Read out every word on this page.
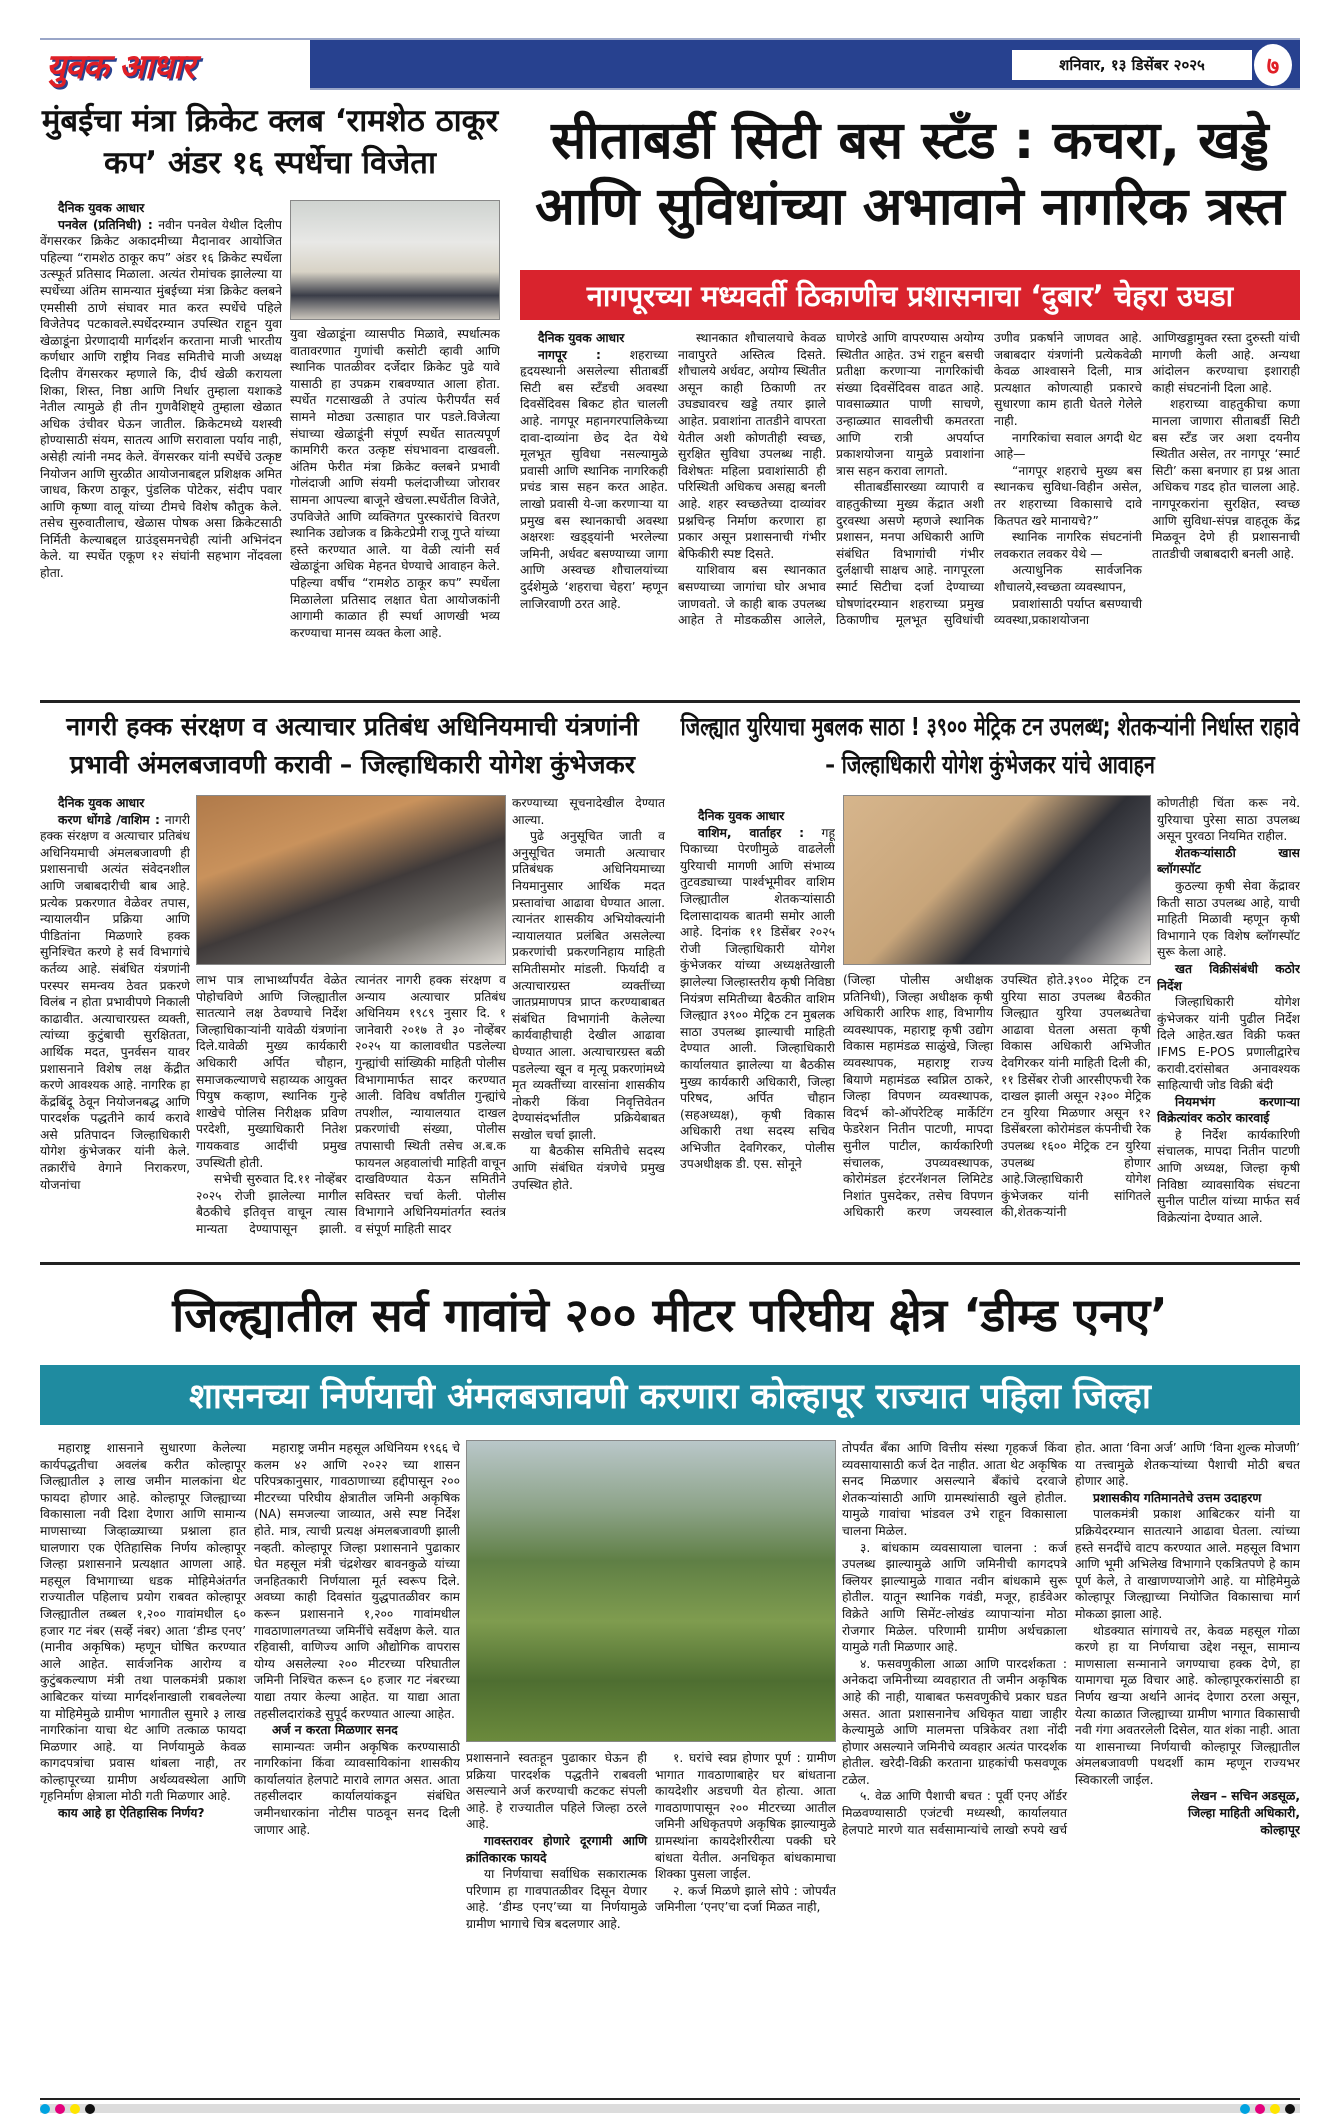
युवक आधार	शनिवार, १३ डिसेंबर २०२५	७
मुंबईचा मंत्रा क्रिकेट क्लब ‘रामशेठ ठाकूर कप’ अंडर १६ स्पर्धेचा विजेता

दैनिक युवक आधार

पनवेल (प्रतिनिधी) : नवीन पनवेल येथील दिलीप वेंगसरकर क्रिकेट अकादमीच्या मैदानावर आयोजित पहिल्या “रामशेठ ठाकूर कप” अंडर १६ क्रिकेट स्पर्धेला उत्स्फूर्त प्रतिसाद मिळाला. अत्यंत रोमांचक झालेल्या या स्पर्धेच्या अंतिम सामन्यात मुंबईच्या मंत्रा क्रिकेट क्लबने एमसीसी ठाणे संघावर मात करत स्पर्धेचे पहिले विजेतेपद पटकावले.स्पर्धेदरम्यान उपस्थित राहून युवा खेळाडूंना प्रेरणादायी मार्गदर्शन करताना माजी भारतीय कर्णधार आणि राष्ट्रीय निवड समितीचे माजी अध्यक्ष दिलीप वेंगसरकर म्हणाले कि, दीर्घ खेळी करायला शिका, शिस्त, निष्ठा आणि निर्धार तुम्हाला यशाकडे नेतील त्यामुळे ही तीन गुणवैशिष्ट्ये तुम्हाला खेळात अधिक उंचीवर घेऊन जातील. क्रिकेटमध्ये यशस्वी होण्यासाठी संयम, सातत्य आणि सरावाला पर्याय नाही, असेही त्यांनी नमद केले. वेंगसरकर यांनी स्पर्धेचे उत्कृष्ट नियोजन आणि सुरळीत आयोजनाबद्दल प्रशिक्षक अमित जाधव, किरण ठाकूर, पुंडलिक पोटेकर, संदीप पवार आणि कृष्णा वालू यांच्या टीमचे विशेष कौतुक केले. तसेच सुरुवातीलाच, खेळास पोषक असा क्रिकेटसाठी निर्मिती केल्याबद्दल ग्राउंड्समनचेही त्यांनी अभिनंदन केले. या स्पर्धेत एकूण १२ संघांनी सहभाग नोंदवला होता.

युवा खेळाडूंना व्यासपीठ मिळावे, स्पर्धात्मक वातावरणात गुणांची कसोटी व्हावी आणि स्थानिक पातळीवर दर्जेदार क्रिकेट पुढे यावे यासाठी हा उपक्रम राबवण्यात आला होता. स्पर्धेत गटसाखळी ते उपांत्य फेरीपर्यंत सर्व सामने मोठ्या उत्साहात पार पडले.विजेत्या संघाच्या खेळाडूंनी संपूर्ण स्पर्धेत सातत्यपूर्ण कामगिरी करत उत्कृष्ट संघभावना दाखवली. अंतिम फेरीत मंत्रा क्रिकेट क्लबने प्रभावी गोलंदाजी आणि संयमी फलंदाजीच्या जोरावर सामना आपल्या बाजूने खेचला.स्पर्धेतील विजेते, उपविजेते आणि व्यक्तिगत पुरस्कारांचे वितरण स्थानिक उद्योजक व क्रिकेटप्रेमी राजू गुप्ते यांच्या हस्ते करण्यात आले. या वेळी त्यांनी सर्व खेळाडूंना अधिक मेहनत घेण्याचे आवाहन केले. पहिल्या वर्षीच “रामशेठ ठाकूर कप” स्पर्धेला मिळालेला प्रतिसाद लक्षात घेता आयोजकांनी आगामी काळात ही स्पर्धा आणखी भव्य करण्याचा मानस व्यक्त केला आहे.

सीताबर्डी सिटी बस स्टँड : कचरा, खड्डे आणि सुविधांच्या अभावाने नागरिक त्रस्त
नागपूरच्या मध्यवर्ती ठिकाणीच प्रशासनाचा ‘दुबार’ चेहरा उघडा

दैनिक युवक आधार

नागपूर : शहराच्या हृदयस्थानी असलेल्या सीताबर्डी सिटी बस स्टँडची अवस्था दिवसेंदिवस बिकट होत चालली आहे. नागपूर महानगरपालिकेच्या दावा-दाव्यांना छेद देत येथे मूलभूत सुविधा नसल्यामुळे प्रवासी आणि स्थानिक नागरिकही प्रचंड त्रास सहन करत आहेत. लाखो प्रवासी ये-जा करणाऱ्या या प्रमुख बस स्थानकाची अवस्था अक्षरशः खड्ड्यांनी भरलेल्या जमिनी, अर्धवट बसण्याच्या जागा आणि अस्वच्छ शौचालयांच्या दुर्दशेमुळे ‘शहराचा चेहरा’ म्हणून लाजिरवाणी ठरत आहे.

स्थानकात शौचालयाचे केवळ नावापुरते अस्तित्व दिसते. शौचालये अर्धवट, अयोग्य स्थितीत असून काही ठिकाणी तर उघड्यावरच खड्डे तयार झाले आहेत. प्रवाशांना तातडीने वापरता येतील अशी कोणतीही स्वच्छ, सुरक्षित सुविधा उपलब्ध नाही. विशेषतः महिला प्रवाशांसाठी ही परिस्थिती अधिकच असह्य बनली आहे. शहर स्वच्छतेच्या दाव्यांवर प्रश्नचिन्ह निर्माण करणारा हा प्रकार असून प्रशासनाची गंभीर बेफिकीरी स्पष्ट दिसते.

याशिवाय बस स्थानकात बसण्याच्या जागांचा घोर अभाव जाणवतो. जे काही बाक उपलब्ध आहेत ते मोडकळीस आलेले, घाणेरडे आणि वापरण्यास अयोग्य स्थितीत आहेत. उभं राहून बसची प्रतीक्षा करणाऱ्या नागरिकांची संख्या दिवसेंदिवस वाढत आहे. पावसाळ्यात पाणी साचणे, उन्हाळ्यात सावलीची कमतरता आणि रात्री अपर्याप्त प्रकाशयोजना यामुळे प्रवाशांना त्रास सहन करावा लागतो.

सीताबर्डीसारख्या व्यापारी व वाहतुकीच्या मुख्य केंद्रात अशी दुरवस्था असणे म्हणजे स्थानिक प्रशासन, मनपा अधिकारी आणि संबंधित विभागांची गंभीर दुर्लक्षाची साक्षच आहे. नागपूरला स्मार्ट सिटीचा दर्जा देण्याच्या घोषणांदरम्यान शहराच्या प्रमुख ठिकाणीच मूलभूत सुविधांची उणीव प्रकर्षाने जाणवत आहे. जबाबदार यंत्रणांनी प्रत्येकवेळी केवळ आश्वासने दिली, मात्र प्रत्यक्षात कोणत्याही प्रकारचे सुधारणा काम हाती घेतले गेलेले नाही.

नागरिकांचा सवाल अगदी थेट आहे—

“नागपूर शहराचे मुख्य बस स्थानकच सुविधा-विहीन असेल, तर शहराच्या विकासाचे दावे कितपत खरे मानायचे?”

स्थानिक नागरिक संघटनांनी लवकरात लवकर येथे —

अत्याधुनिक सार्वजनिक शौचालये,स्वच्छता व्यवस्थापन,

प्रवाशांसाठी पर्याप्त बसण्याची व्यवस्था,प्रकाशयोजना आणिखड्डामुक्त रस्ता दुरुस्ती यांची मागणी केली आहे. अन्यथा आंदोलन करण्याचा इशाराही काही संघटनांनी दिला आहे.

शहराच्या वाहतुकीचा कणा मानला जाणारा सीताबर्डी सिटी बस स्टँड जर अशा दयनीय स्थितीत असेल, तर नागपूर ‘स्मार्ट सिटी’ कसा बनणार हा प्रश्न आता अधिकच गडद होत चालला आहे. नागपूरकरांना सुरक्षित, स्वच्छ आणि सुविधा-संपन्न वाहतूक केंद्र मिळवून देणे ही प्रशासनाची तातडीची जबाबदारी बनली आहे.

नागरी हक्क संरक्षण व अत्याचार प्रतिबंध अधिनियमाची यंत्रणांनी प्रभावी अंमलबजावणी करावी – जिल्हाधिकारी योगेश कुंभेजकर

दैनिक युवक आधार

करण धोंगडे /वाशिम : नागरी हक्क संरक्षण व अत्याचार प्रतिबंध अधिनियमाची अंमलबजावणी ही प्रशासनाची अत्यंत संवेदनशील आणि जबाबदारीची बाब आहे. प्रत्येक प्रकरणात वेळेवर तपास, न्यायालयीन प्रक्रिया आणि पीडितांना मिळणारे हक्क सुनिश्चित करणे हे सर्व विभागांचे कर्तव्य आहे. संबंधित यंत्रणांनी परस्पर समन्वय ठेवत प्रकरणे विलंब न होता प्रभावीपणे निकाली काढावीत. अत्याचारग्रस्त व्यक्ती, त्यांच्या कुटुंबाची सुरक्षितता, आर्थिक मदत, पुनर्वसन यावर प्रशासनाने विशेष लक्ष केंद्रीत करणे आवश्यक आहे. नागरिक हा केंद्रबिंदू ठेवून नियोजनबद्ध आणि पारदर्शक पद्धतीने कार्य करावे असे प्रतिपादन जिल्हाधिकारी योगेश कुंभेजकर यांनी केले. तक्रारींचे वेगाने निराकरण, योजनांचा

लाभ पात्र लाभार्थ्यांपर्यंत वेळेत पोहोचविणे आणि जिल्ह्यातील सातत्याने लक्ष ठेवण्याचे निर्देश जिल्हाधिकाऱ्यांनी यावेळी यंत्रणांना दिले.यावेळी मुख्य कार्यकारी अधिकारी अर्पित चौहान, समाजकल्याणचे सहाय्यक आयुक्त पियुष कव्हाण, स्थानिक गुन्हे शाखेचे पोलिस निरीक्षक प्रविण परदेशी, मुख्याधिकारी नितेश गायकवाड आदींची प्रमुख उपस्थिती होती.

सभेची सुरुवात दि.११ नोव्हेंबर २०२५ रोजी झालेल्या मागील बैठकीचे इतिवृत्त वाचून त्यास मान्यता देण्यापासून झाली. त्यानंतर नागरी हक्क संरक्षण व अन्याय अत्याचार प्रतिबंध अधिनियम १९८९ नुसार दि. १ जानेवारी २०१७ ते ३० नोव्हेंबर २०२५ या कालावधीत पडलेल्या गुन्ह्यांची सांख्यिकी माहिती पोलीस विभागामार्फत सादर करण्यात आली. विविध वर्षांतील गुन्ह्यांचे तपशील, न्यायालयात दाखल प्रकरणांची संख्या, पोलीस तपासाची स्थिती तसेच अ.ब.क फायनल अहवालांची माहिती वाचून दाखविण्यात येऊन समितीने सविस्तर चर्चा केली. पोलीस विभागाने अधिनियमांतर्गत स्वतंत्र व संपूर्ण माहिती सादर

करण्याच्या सूचनादेखील देण्यात आल्या.

पुढे अनुसूचित जाती व अनुसूचित जमाती अत्याचार प्रतिबंधक अधिनियमाच्या नियमानुसार आर्थिक मदत प्रस्तावांचा आढावा घेण्यात आला. त्यानंतर शासकीय अभियोक्त्यांनी न्यायालयात प्रलंबित असलेल्या प्रकरणांची प्रकरणनिहाय माहिती समितीसमोर मांडली. फिर्यादी व अत्याचारग्रस्त व्यक्तींच्या जातप्रमाणपत्र प्राप्त करण्याबाबत संबंधित विभागांनी केलेल्या कार्यवाहीचाही देखील आढावा घेण्यात आला. अत्याचारग्रस्त बळी पडलेल्या खून व मृत्यू प्रकरणांमध्ये मृत व्यक्तींच्या वारसांना शासकीय नोकरी किंवा निवृत्तिवेतन देण्यासंदर्भातील प्रक्रियेबाबत सखोल चर्चा झाली.

या बैठकीस समितीचे सदस्य आणि संबंधित यंत्रणेचे प्रमुख उपस्थित होते.

जिल्ह्यात युरियाचा मुबलक साठा ! ३९०० मेट्रिक टन उपलब्ध; शेतकऱ्यांनी निर्धास्त राहावे – जिल्हाधिकारी योगेश कुंभेजकर यांचे आवाहन

दैनिक युवक आधार

वाशिम, वार्ताहर : गहू पिकाच्या पेरणीमुळे वाढलेली युरियाची मागणी आणि संभाव्य तुटवड्याच्या पार्श्वभूमीवर वाशिम जिल्ह्यातील शेतकऱ्यांसाठी दिलासादायक बातमी समोर आली आहे. दिनांक ११ डिसेंबर २०२५ रोजी जिल्हाधिकारी योगेश कुंभेजकर यांच्या अध्यक्षतेखाली झालेल्या जिल्हास्तरीय कृषी निविष्ठा नियंत्रण समितीच्या बैठकीत वाशिम जिल्ह्यात ३९०० मेट्रिक टन मुबलक साठा उपलब्ध झाल्याची माहिती देण्यात आली. जिल्हाधिकारी कार्यालयात झालेल्या या बैठकीस मुख्य कार्यकारी अधिकारी, जिल्हा परिषद, अर्पित चौहान (सहअध्यक्ष), कृषी विकास अधिकारी तथा सदस्य सचिव अभिजीत देवगिरकर, पोलीस उपअधीक्षक डी. एस. सोनूने

(जिल्हा पोलीस अधीक्षक प्रतिनिधी), जिल्हा अधीक्षक कृषी अधिकारी आरिफ शाह, विभागीय व्यवस्थापक, महाराष्ट्र कृषी उद्योग विकास महामंडळ साळुंखे, जिल्हा व्यवस्थापक, महाराष्ट्र राज्य बियाणे महामंडळ स्वप्निल ठाकरे, जिल्हा विपणन व्यवस्थापक, विदर्भ को-ऑपरेटिव्ह मार्केटिंग फेडरेशन नितीन पाटणी, मापदा सुनील पाटील, कार्यकारिणी संचालक, उपव्यवस्थापक, कोरोमंडल इंटरनॅशनल लिमिटेड निशांत पुसदेकर, तसेच विपणन अधिकारी करण जयस्वाल उपस्थित होते.३९०० मेट्रिक टन युरिया साठा उपलब्ध बैठकीत जिल्ह्यात युरिया उपलब्धतेचा आढावा घेतला असता कृषी विकास अधिकारी अभिजीत देवगिरकर यांनी माहिती दिली की, ११ डिसेंबर रोजी आरसीएफची रेक दाखल झाली असून २३०० मेट्रिक टन युरिया मिळणार असून १२ डिसेंबरला कोरोमंडल कंपनीची रेक उपलब्ध १६०० मेट्रिक टन युरिया उपलब्ध होणार आहे.जिल्हाधिकारी योगेश कुंभेजकर यांनी सांगितले की,शेतकऱ्यांनी

कोणतीही चिंता करू नये. युरियाचा पुरेसा साठा उपलब्ध असून पुरवठा नियमित राहील.

शेतकऱ्यांसाठी खास ब्लॉगस्पॉट

कुठल्या कृषी सेवा केंद्रावर किती साठा उपलब्ध आहे, याची माहिती मिळावी म्हणून कृषी विभागाने एक विशेष ब्लॉगस्पॉट सुरू केला आहे.

खत विक्रीसंबंधी कठोर निर्देश

जिल्हाधिकारी योगेश कुंभेजकर यांनी पुढील निर्देश दिले आहेत.खत विक्री फक्त IFMS E-POS प्रणालीद्वारेच करावी.दरांसोबत अनावश्यक साहित्याची जोड विक्री बंदी

नियमभंग करणाऱ्या विक्रेत्यांवर कठोर कारवाई

हे निर्देश कार्यकारिणी संचालक, मापदा नितीन पाटणी आणि अध्यक्ष, जिल्हा कृषी निविष्ठा व्यावसायिक संघटना सुनील पाटील यांच्या मार्फत सर्व विक्रेत्यांना देण्यात आले.

जिल्ह्यातील सर्व गावांचे २०० मीटर परिघीय क्षेत्र ‘डीम्ड एनए’
शासनच्या निर्णयाची अंमलबजावणी करणारा कोल्हापूर राज्यात पहिला जिल्हा

महाराष्ट्र शासनाने सुधारणा केलेल्या कार्यपद्धतीचा अवलंब करीत कोल्हापूर जिल्ह्यातील ३ लाख जमीन मालकांना थेट फायदा होणार आहे. कोल्हापूर जिल्ह्याच्या विकासाला नवी दिशा देणारा आणि सामान्य माणसाच्या जिव्हाळ्याच्या प्रश्नाला हात घालणारा एक ऐतिहासिक निर्णय कोल्हापूर जिल्हा प्रशासनाने प्रत्यक्षात आणला आहे. महसूल विभागाच्या धडक मोहिमेअंतर्गत राज्यातील पहिलाच प्रयोग राबवत कोल्हापूर जिल्ह्यातील तब्बल १,२०० गावांमधील ६० हजार गट नंबर (सर्व्हे नंबर) आता ‘डीम्ड एनए’ (मानीव अकृषिक) म्हणून घोषित करण्यात आले आहेत. सार्वजनिक आरोग्य व कुटुंबकल्याण मंत्री तथा पालकमंत्री प्रकाश आबिटकर यांच्या मार्गदर्शनाखाली राबवलेल्या या मोहिमेमुळे ग्रामीण भागातील सुमारे ३ लाख नागरिकांना याचा थेट आणि तत्काळ फायदा मिळणार आहे. या निर्णयामुळे केवळ कागदपत्रांचा प्रवास थांबला नाही, तर कोल्हापूरच्या ग्रामीण अर्थव्यवस्थेला आणि गृहनिर्माण क्षेत्राला मोठी गती मिळणार आहे.

काय आहे हा ऐतिहासिक निर्णय?

महाराष्ट्र जमीन महसूल अधिनियम १९६६ चे कलम ४२ आणि २०२२ च्या शासन परिपत्रकानुसार, गावठाणाच्या हद्दीपासून २०० मीटरच्या परिघीय क्षेत्रातील जमिनी अकृषिक (NA) समजल्या जाव्यात, असे स्पष्ट निर्देश होते. मात्र, त्याची प्रत्यक्ष अंमलबजावणी झाली नव्हती. कोल्हापूर जिल्हा प्रशासनाने पुढाकार घेत महसूल मंत्री चंद्रशेखर बावनकुळे यांच्या जनहितकारी निर्णयाला मूर्त स्वरूप दिले. अवघ्या काही दिवसांत युद्धपातळीवर काम करून प्रशासनाने १,२०० गावांमधील गावठाणालगतच्या जमिनींचे सर्वेक्षण केले. यात रहिवासी, वाणिज्य आणि औद्योगिक वापरास योग्य असलेल्या २०० मीटरच्या परिघातील जमिनी निश्चित करून ६० हजार गट नंबरच्या याद्या तयार केल्या आहेत. या याद्या आता तहसीलदारांकडे सुपूर्द करण्यात आल्या आहेत.

अर्ज न करता मिळणार सनद

सामान्यतः जमीन अकृषिक करण्यासाठी नागरिकांना किंवा व्यावसायिकांना शासकीय कार्यालयांत हेलपाटे मारावे लागत असत. आता तहसीलदार कार्यालयांकडून संबंधित जमीनधारकांना नोटीस पाठवून सनद दिली जाणार आहे.

प्रशासनाने स्वतःहून पुढाकार घेऊन ही प्रक्रिया पारदर्शक पद्धतीने राबवली असल्याने अर्ज करण्याची कटकट संपली आहे. हे राज्यातील पहिले जिल्हा ठरले आहे.

गावस्तरावर होणारे दूरगामी आणि क्रांतिकारक फायदे

या निर्णयाचा सर्वाधिक सकारात्मक परिणाम हा गावपातळीवर दिसून येणार आहे. ‘डीम्ड एनए’च्या या निर्णयामुळे ग्रामीण भागाचे चित्र बदलणार आहे.

१. घरांचे स्वप्न होणार पूर्ण : ग्रामीण भागात गावठाणाबाहेर घर बांधताना कायदेशीर अडचणी येत होत्या. आता गावठाणापासून २०० मीटरच्या आतील जमिनी अधिकृतपणे अकृषिक झाल्यामुळे ग्रामस्थांना कायदेशीररीत्या पक्की घरे बांधता येतील. अनधिकृत बांधकामाचा शिक्का पुसला जाईल.

२. कर्ज मिळणे झाले सोपे : जोपर्यंत जमिनीला ‘एनए’चा दर्जा मिळत नाही,

तोपर्यंत बँका आणि वित्तीय संस्था गृहकर्ज किंवा व्यवसायासाठी कर्ज देत नाहीत. आता थेट अकृषिक सनद मिळणार असल्याने बँकांचे दरवाजे शेतकऱ्यांसाठी आणि ग्रामस्थांसाठी खुले होतील. यामुळे गावांचा भांडवल उभे राहून विकासाला चालना मिळेल.

३. बांधकाम व्यवसायाला चालना : कर्ज उपलब्ध झाल्यामुळे आणि जमिनीची कागदपत्रे क्लियर झाल्यामुळे गावात नवीन बांधकामे सुरू होतील. यातून स्थानिक गवंडी, मजूर, हार्डवेअर विक्रेते आणि सिमेंट-लोखंड व्यापाऱ्यांना मोठा रोजगार मिळेल. परिणामी ग्रामीण अर्थचक्राला यामुळे गती मिळणार आहे.

४. फसवणुकीला आळा आणि पारदर्शकता : अनेकदा जमिनीच्या व्यवहारात ती जमीन अकृषिक आहे की नाही, याबाबत फसवणुकीचे प्रकार घडत असत. आता प्रशासनानेच अधिकृत याद्या जाहीर केल्यामुळे आणि मालमत्ता पत्रिकेवर तशा नोंदी होणार असल्याने जमिनीचे व्यवहार अत्यंत पारदर्शक होतील. खरेदी-विक्री करताना ग्राहकांची फसवणूक टळेल.

५. वेळ आणि पैशाची बचत : पूर्वी एनए ऑर्डर मिळवण्यासाठी एजंटची मध्यस्थी, कार्यालयात हेलपाटे मारणे यात सर्वसामान्यांचे लाखो रुपये खर्च होत. आता ‘विना अर्ज’ आणि ‘विना शुल्क मोजणी’ या तत्त्वामुळे शेतकऱ्यांच्या पैशाची मोठी बचत होणार आहे.

प्रशासकीय गतिमानतेचे उत्तम उदाहरण

पालकमंत्री प्रकाश आबिटकर यांनी या प्रक्रियेदरम्यान सातत्याने आढावा घेतला. त्यांच्या हस्ते सनदींचे वाटप करण्यात आले. महसूल विभाग आणि भूमी अभिलेख विभागाने एकत्रितपणे हे काम पूर्ण केले, ते वाखाणण्याजोगे आहे. या मोहिमेमुळे कोल्हापूर जिल्ह्याच्या नियोजित विकासाचा मार्ग मोकळा झाला आहे.

थोडक्यात सांगायचे तर, केवळ महसूल गोळा करणे हा या निर्णयाचा उद्देश नसून, सामान्य माणसाला सन्मानाने जगण्याचा हक्क देणे, हा यामागचा मूळ विचार आहे. कोल्हापूरकरांसाठी हा निर्णय खऱ्या अर्थाने आनंद देणारा ठरला असून, येत्या काळात जिल्ह्याच्या ग्रामीण भागात विकासाची नवी गंगा अवतरलेली दिसेल, यात शंका नाही. आता या शासनाच्या निर्णयाची कोल्हापूर जिल्ह्यातील अंमलबजावणी पथदर्शी काम म्हणून राज्यभर स्विकारली जाईल.

लेखन – सचिन अडसूळ,

जिल्हा माहिती अधिकारी,

कोल्हापूर
